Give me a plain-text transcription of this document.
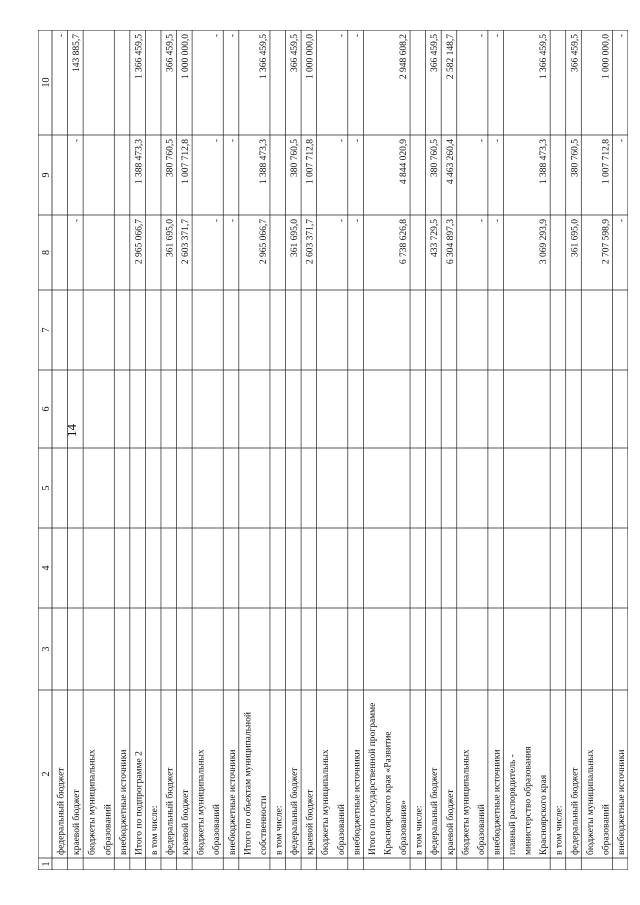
14
1
2
3
4
5
6
7
8
9
10
федеральный бюджет
-
краевой бюджет
-
-
143 885,7
бюджеты муниципальных образований внебюджетные источники Итого по подпрограмме 2
2 965 066,7
1 388 473,3
1 366 459,5
в том числе: федеральный бюджет
361 695,0
380 760,5
366 459,5
краевой бюджет
2 603 371,7
1 007 712,8
1 000 000,0
бюджеты муниципальных образований
-
-
-
внебюджетные источники
-
-
-
Итого по объектам муниципальной собственности
2 965 066,7
1 388 473,3
1 366 459,5
в том числе: федеральный бюджет
361 695,0
380 760,5
366 459,5
краевой бюджет
2 603 371,7
1 007 712,8
1 000 000,0
бюджеты муниципальных образований
-
-
-
внебюджетные источники
-
-
-
Итого по государственной программе Красноярского края «Развитие образования»
6 738 626,8
4 844 020,9
2 948 608,2
в том числе: федеральный бюджет
433 729,5
380 760,5
366 459,5
краевой бюджет
6 304 897,3
4 463 260,4
2 582 148,7
бюджеты муниципальных образований
-
-
-
внебюджетные источники
-
-
-
главный распорядитель - министерство образования Красноярского края
3 069 293,9
1 388 473,3
1 366 459,5
в том числе: федеральный бюджет
361 695,0
380 760,5
366 459,5
бюджеты муниципальных образований
2 707 598,9
1 007 712,8
1 000 000,0
внебюджетные источники
-
-
-
